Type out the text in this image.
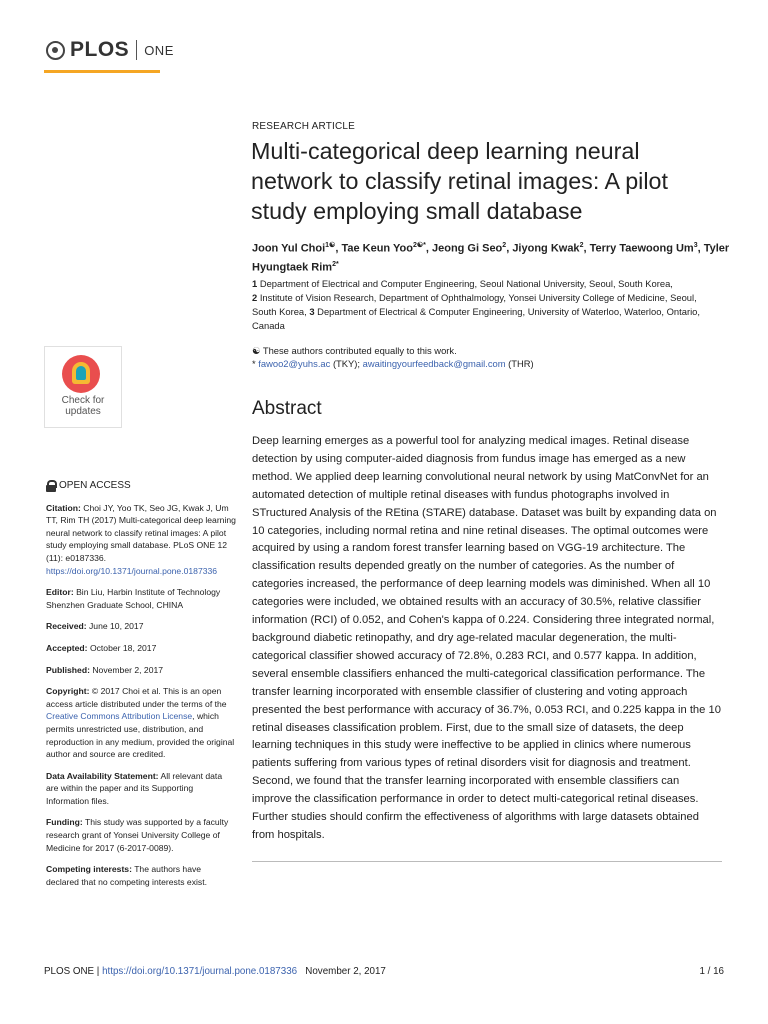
PLOS ONE
RESEARCH ARTICLE
Multi-categorical deep learning neural network to classify retinal images: A pilot study employing small database
Joon Yul Choi$^{1☯}$, Tae Keun Yoo$^{2☯*}$, Jeong Gi Seo$^2$, Jiyong Kwak$^2$, Terry Taewoong Um$^3$, Tyler Hyungtaek Rim$^{2*}$
1 Department of Electrical and Computer Engineering, Seoul National University, Seoul, South Korea,
2 Institute of Vision Research, Department of Ophthalmology, Yonsei University College of Medicine, Seoul, South Korea, 3 Department of Electrical & Computer Engineering, University of Waterloo, Waterloo, Ontario, Canada
☯ These authors contributed equally to this work.
* fawoo2@yuhs.ac (TKY); awaitingyourfeedback@gmail.com (THR)
Check for
updates
OPEN ACCESS
Citation: Choi JY, Yoo TK, Seo JG, Kwak J, Um TT, Rim TH (2017) Multi-categorical deep learning neural network to classify retinal images: A pilot study employing small database. PLoS ONE 12 (11): e0187336. https://doi.org/10.1371/journal.pone.0187336
Editor: Bin Liu, Harbin Institute of Technology Shenzhen Graduate School, CHINA
Received: June 10, 2017
Accepted: October 18, 2017
Published: November 2, 2017
Copyright: © 2017 Choi et al. This is an open access article distributed under the terms of the Creative Commons Attribution License, which permits unrestricted use, distribution, and reproduction in any medium, provided the original author and source are credited.
Data Availability Statement: All relevant data are within the paper and its Supporting Information files.
Funding: This study was supported by a faculty research grant of Yonsei University College of Medicine for 2017 (6-2017-0089).
Competing interests: The authors have declared that no competing interests exist.
Abstract
Deep learning emerges as a powerful tool for analyzing medical images. Retinal disease detection by using computer-aided diagnosis from fundus image has emerged as a new method. We applied deep learning convolutional neural network by using MatConvNet for an automated detection of multiple retinal diseases with fundus photographs involved in STructured Analysis of the REtina (STARE) database. Dataset was built by expanding data on 10 categories, including normal retina and nine retinal diseases. The optimal outcomes were acquired by using a random forest transfer learning based on VGG-19 architecture. The classification results depended greatly on the number of categories. As the number of categories increased, the performance of deep learning models was diminished. When all 10 categories were included, we obtained results with an accuracy of 30.5%, relative classifier information (RCI) of 0.052, and Cohen's kappa of 0.224. Considering three integrated normal, background diabetic retinopathy, and dry age-related macular degeneration, the multi-categorical classifier showed accuracy of 72.8%, 0.283 RCI, and 0.577 kappa. In addition, several ensemble classifiers enhanced the multi-categorical classification performance. The transfer learning incorporated with ensemble classifier of clustering and voting approach presented the best performance with accuracy of 36.7%, 0.053 RCI, and 0.225 kappa in the 10 retinal diseases classification problem. First, due to the small size of datasets, the deep learning techniques in this study were ineffective to be applied in clinics where numerous patients suffering from various types of retinal disorders visit for diagnosis and treatment. Second, we found that the transfer learning incorporated with ensemble classifiers can improve the classification performance in order to detect multi-categorical retinal diseases. Further studies should confirm the effectiveness of algorithms with large datasets obtained from hospitals.
PLOS ONE | https://doi.org/10.1371/journal.pone.0187336 November 2, 2017	1 / 16
